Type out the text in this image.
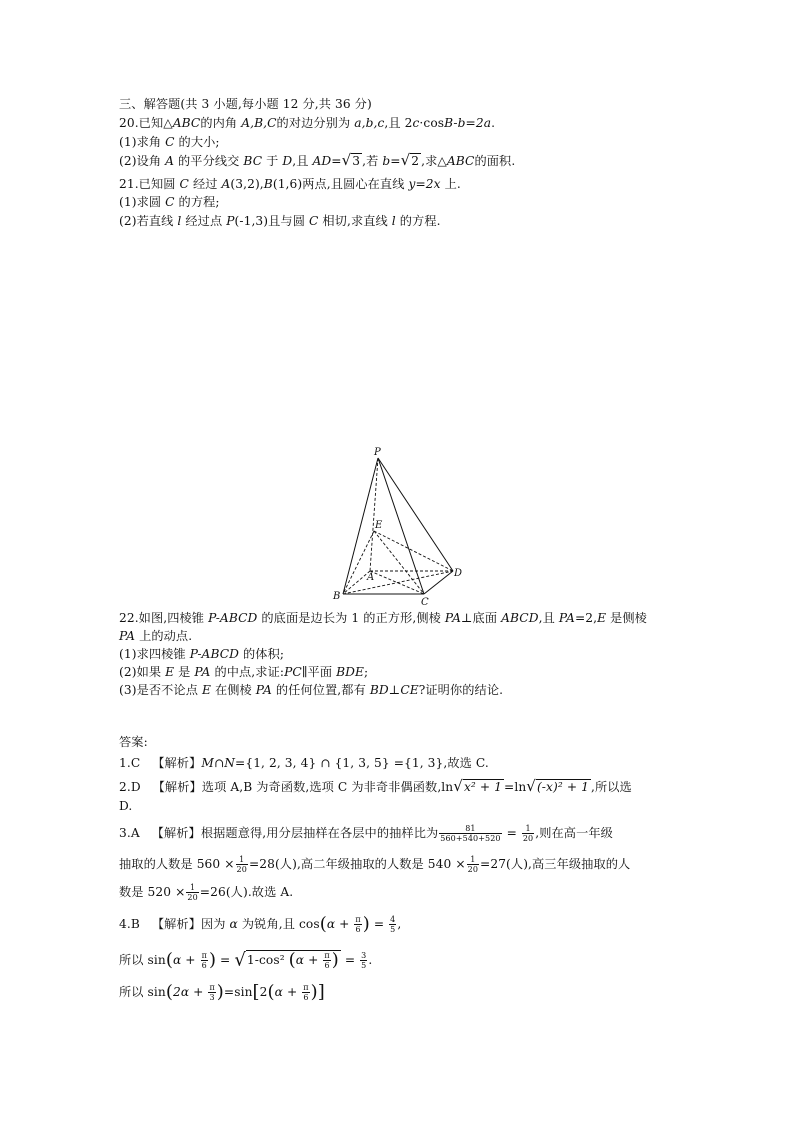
三、解答题(共 3 小题,每小题 12 分,共 36 分)
20.已知△ABC的内角 A,B,C的对边分别为 a,b,c,且 2c·cosB-b=2a.
(1)求角 C 的大小;
(2)设角 A 的平分线交 BC 于 D,且 AD=√3 ,若 b=√2 ,求△ABC的面积.
21.已知圆 C 经过 A(3,2),B(1,6)两点,且圆心在直线 y=2x 上.
(1)求圆 C 的方程;
(2)若直线 l 经过点 P(-1,3)且与圆 C 相切,求直线 l 的方程.
P
E
A
B
C
D
22.如图,四棱锥 P-ABCD 的底面是边长为 1 的正方形,侧棱 PA⊥底面 ABCD,且 PA=2,E 是侧棱
PA 上的动点.
(1)求四棱锥 P-ABCD 的体积;
(2)如果 E 是 PA 的中点,求证:PC∥平面 BDE;
(3)是否不论点 E 在侧棱 PA 的任何位置,都有 BD⊥CE?证明你的结论.
答案:
1.C 【解析】M∩N={1, 2, 3, 4} ∩ {1, 3, 5} ={1, 3},故选 C.
2.D 【解析】选项 A,B 为奇函数,选项 C 为非奇非偶函数,ln√x² + 1 =ln√(-x)² + 1 ,所以选
D.
3.A 【解析】根据题意得,用分层抽样在各层中的抽样比为 $\frac{81}{560+540+520} = \frac{1}{20}$ ,则在高一年级
抽取的人数是 $560 \times \frac{1}{20} =28$(人),高二年级抽取的人数是 $540 \times \frac{1}{20} =27$(人),高三年级抽取的人
数是 $520 \times \frac{1}{20} =26$(人).故选 A.
4.B 【解析】因为 α 为锐角,且 $\cos(\alpha + \frac{\pi}{6}$ ) = $\frac{4}{5}$ ,
所以 $\sin(\alpha + \frac{\pi}{6}$ ) = √1-cos² ($\alpha + \frac{\pi}{6}$ ) = $\frac{3}{5}$ .
所以 $\sin(2\alpha + \frac{\pi}{3} )=\sin[2(\alpha + \frac{\pi}{6}$ )]
